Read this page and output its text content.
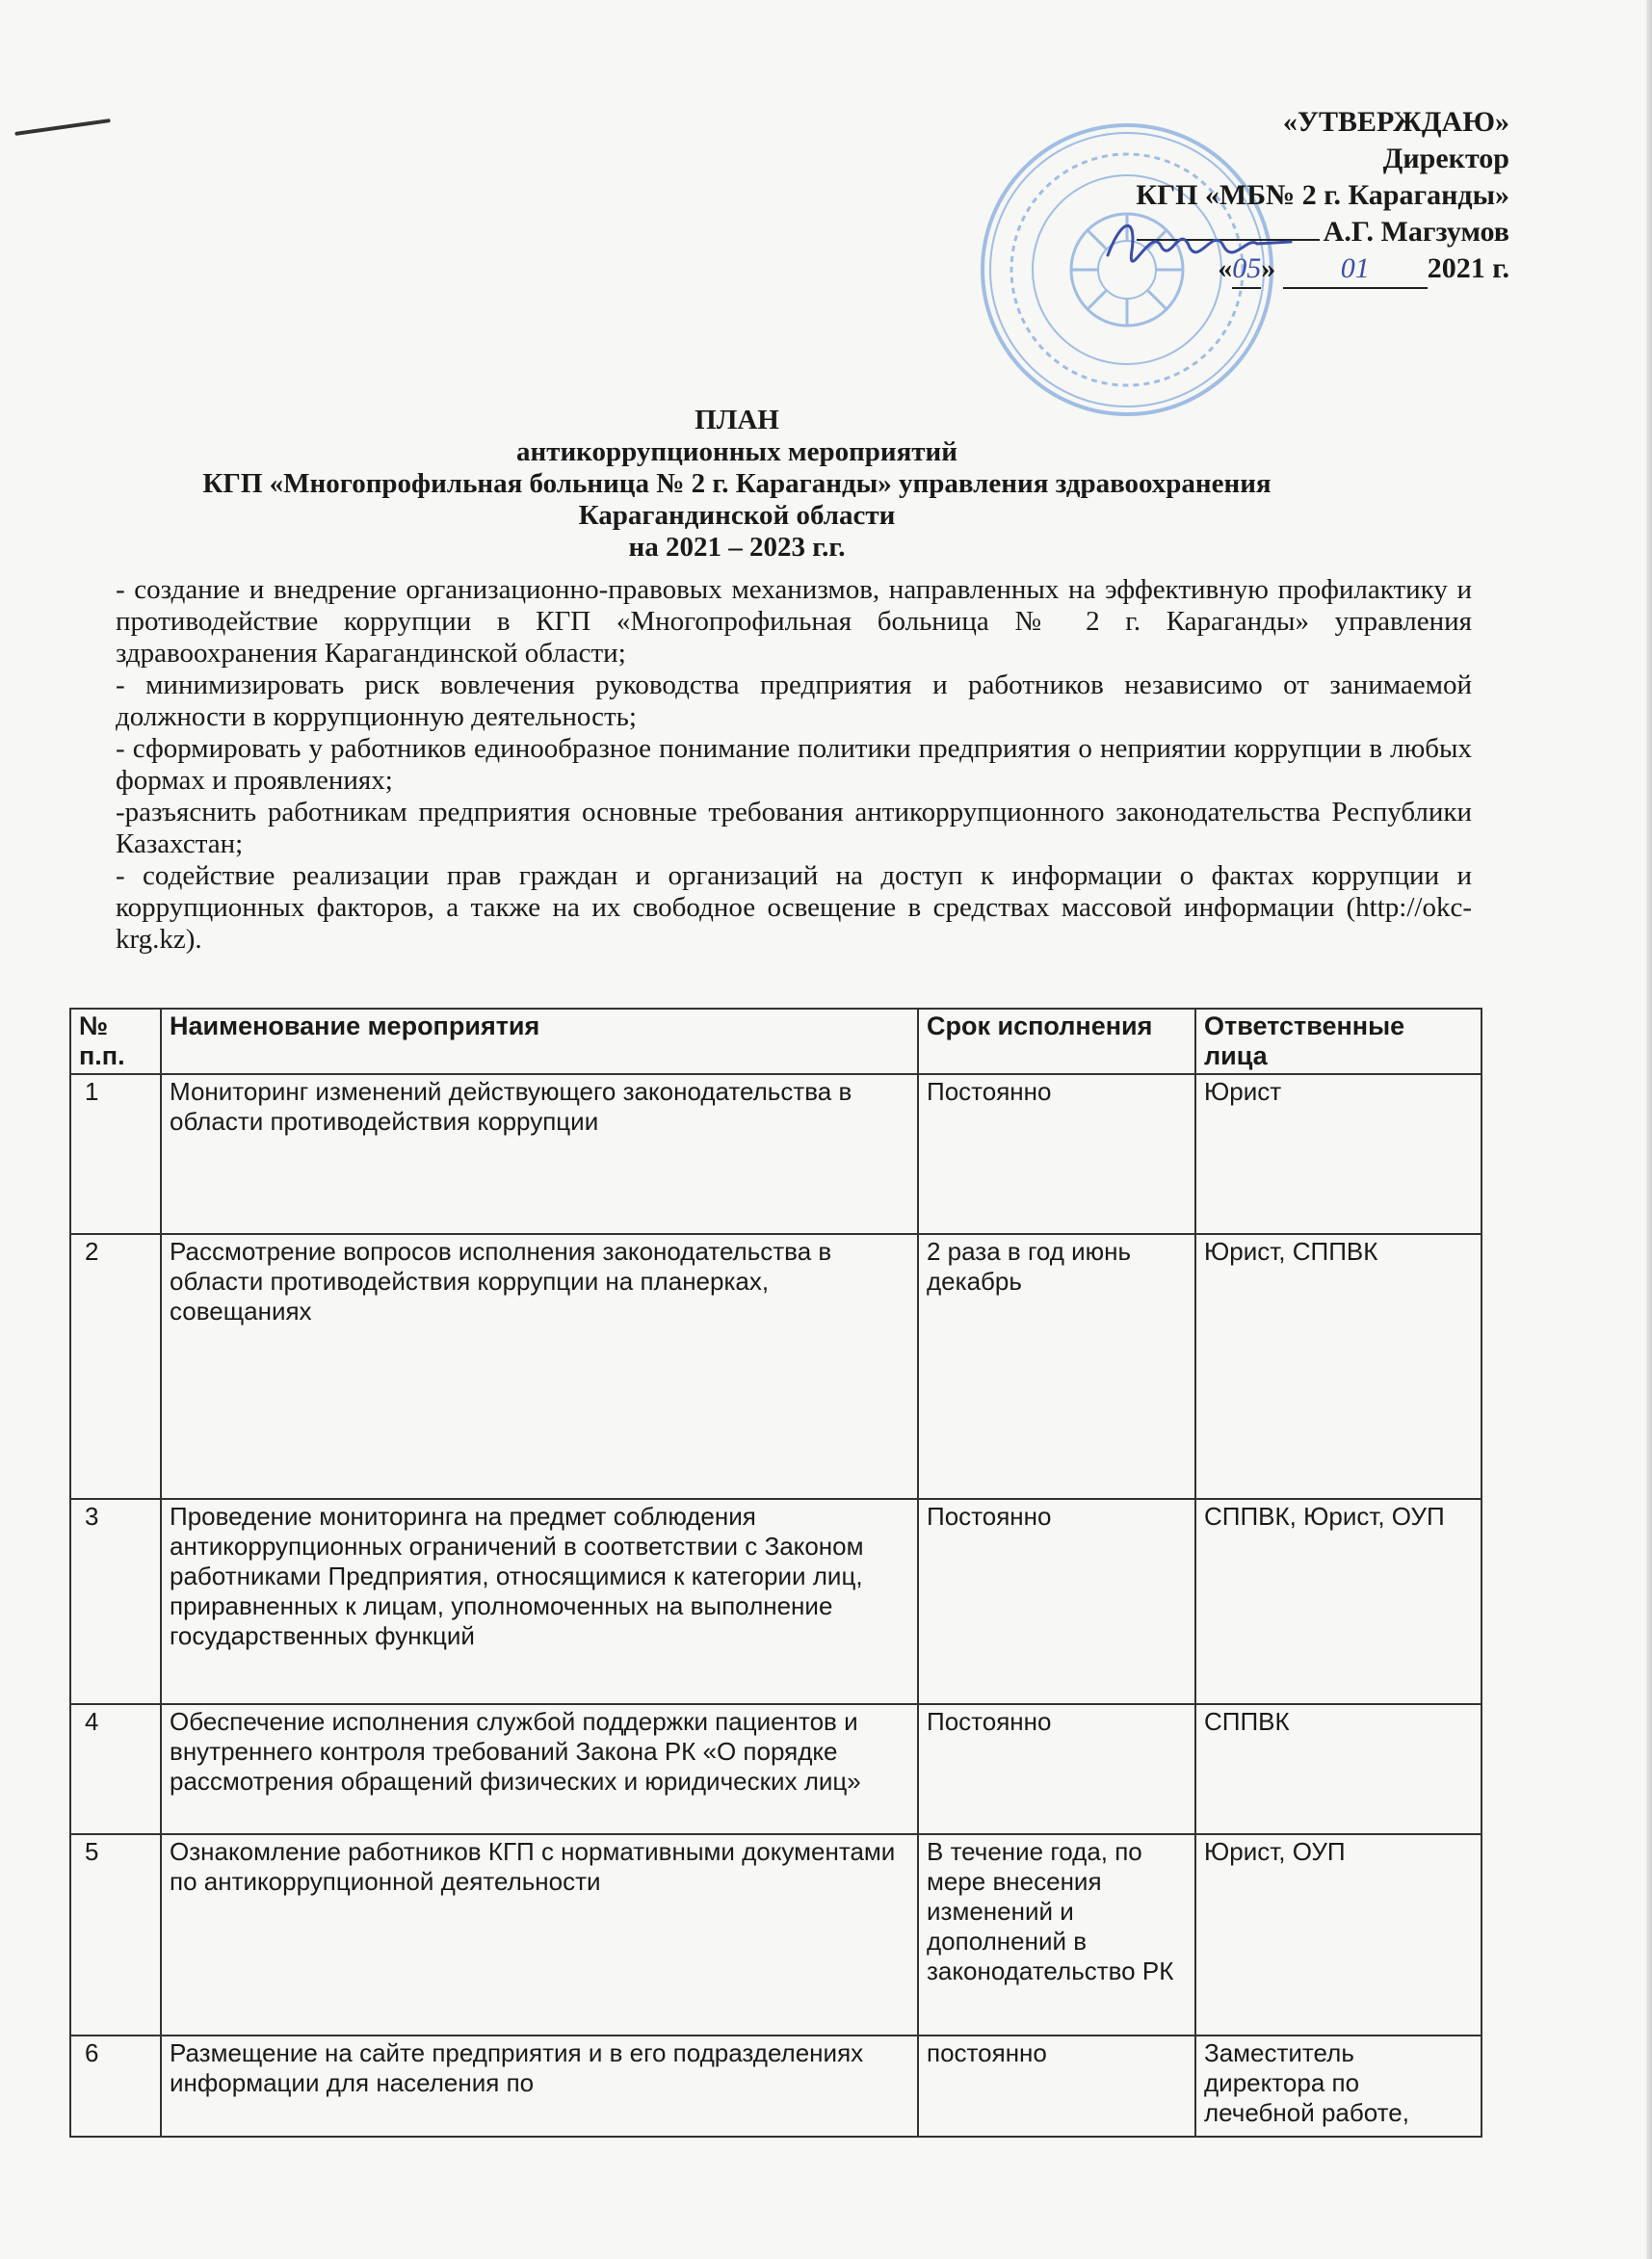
«УТВЕРЖДАЮ»
Директор
КГП «МБ№ 2 г. Караганды»
А.Г. Магзумов
«05» 01 2021 г.
ПЛАН
антикоррупционных мероприятий
КГП «Многопрофильная больница № 2 г. Караганды» управления здравоохранения
Карагандинской области
на 2021 – 2023 г.г.

- создание и внедрение организационно-правовых механизмов, направленных на эффективную профилактику и противодействие коррупции в КГП «Многопрофильная больница № 2 г. Караганды» управления здравоохранения Карагандинской области;

- минимизировать риск вовлечения руководства предприятия и работников независимо от занимаемой должности в коррупционную деятельность;

- сформировать у работников единообразное понимание политики предприятия о неприятии коррупции в любых формах и проявлениях;

-разъяснить работникам предприятия основные требования антикоррупционного законодательства Республики Казахстан;

- содействие реализации прав граждан и организаций на доступ к информации о фактах коррупции и коррупционных факторов, а также на их свободное освещение в средствах массовой информации (http://okc-krg.kz).

№ п.п.	Наименование мероприятия	Срок исполнения	Ответственные лица
1	Мониторинг изменений действующего законодательства в области противодействия коррупции	Постоянно	Юрист
2	Рассмотрение вопросов исполнения законодательства в области противодействия коррупции на планерках, совещаниях	2 раза в год июнь декабрь	Юрист, СППВК
3	Проведение мониторинга на предмет соблюдения антикоррупционных ограничений в соответствии с Законом работниками Предприятия, относящимися к категории лиц, приравненных к лицам, уполномоченных на выполнение государственных функций	Постоянно	СППВК, Юрист, ОУП
4	Обеспечение исполнения службой поддержки пациентов и внутреннего контроля требований Закона РК «О порядке рассмотрения обращений физических и юридических лиц»	Постоянно	СППВК
5	Ознакомление работников КГП с нормативными документами по антикоррупционной деятельности	В течение года, по мере внесения изменений и дополнений в законодательство РК	Юрист, ОУП
6	Размещение на сайте предприятия и в его подразделениях информации для населения по	постоянно	Заместитель директора по лечебной работе,
